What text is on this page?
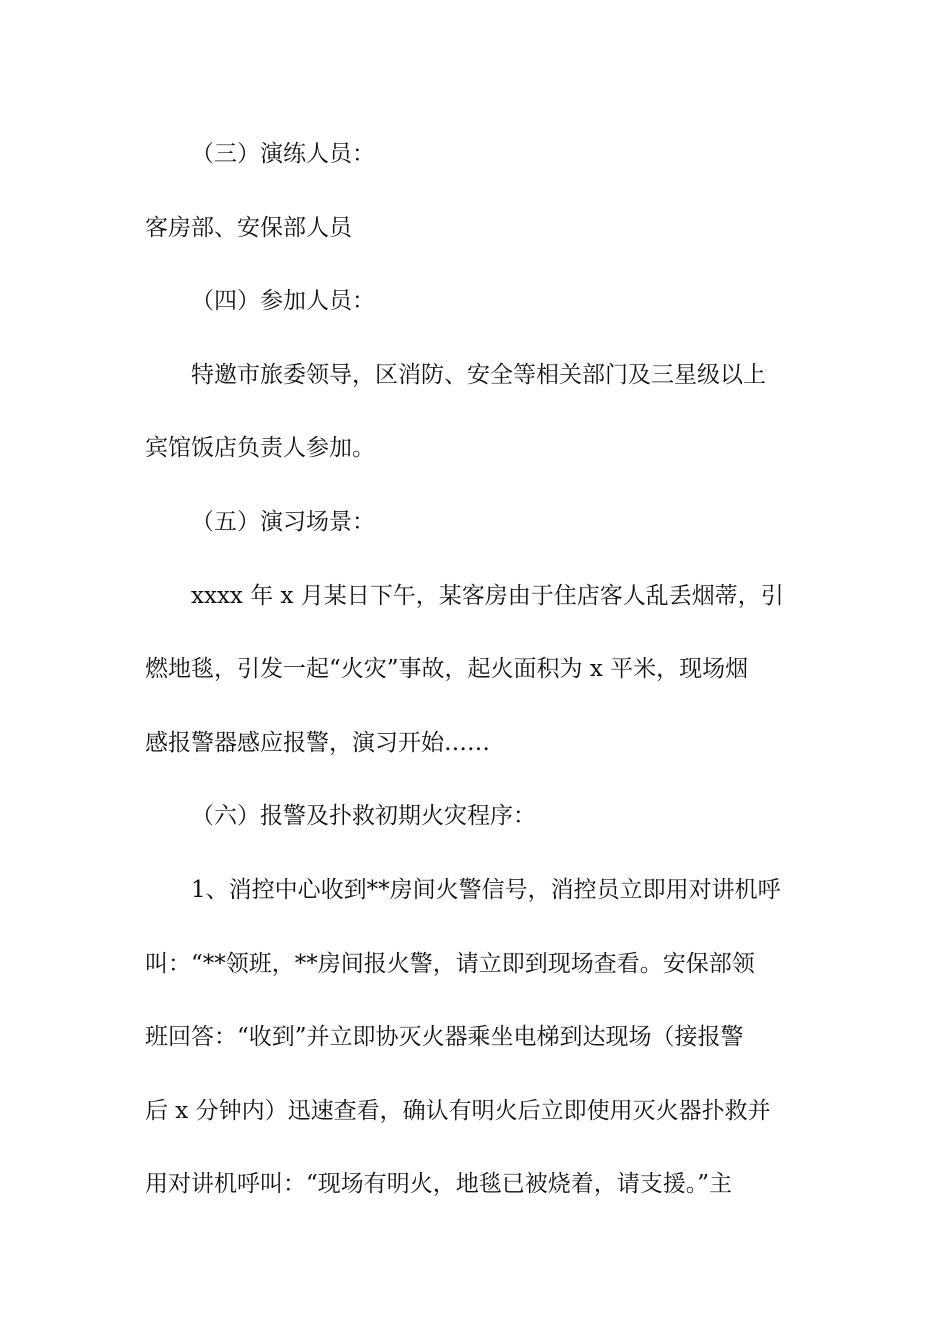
（三）演练人员：
客房部、安保部人员
（四）参加人员：
特邀市旅委领导，区消防、安全等相关部门及三星级以上
宾馆饭店负责人参加。
（五）演习场景：
xxxx 年 x 月某日下午，某客房由于住店客人乱丢烟蒂，引
燃地毯，引发一起“火灾”事故，起火面积为 x 平米，现场烟
感报警器感应报警，演习开始……
（六）报警及扑救初期火灾程序：
1、消控中心收到**房间火警信号，消控员立即用对讲机呼
叫：“**领班，**房间报火警，请立即到现场查看。安保部领
班回答：“收到”并立即协灭火器乘坐电梯到达现场（接报警
后 x 分钟内）迅速查看，确认有明火后立即使用灭火器扑救并
用对讲机呼叫：“现场有明火，地毯已被烧着，请支援。”主
